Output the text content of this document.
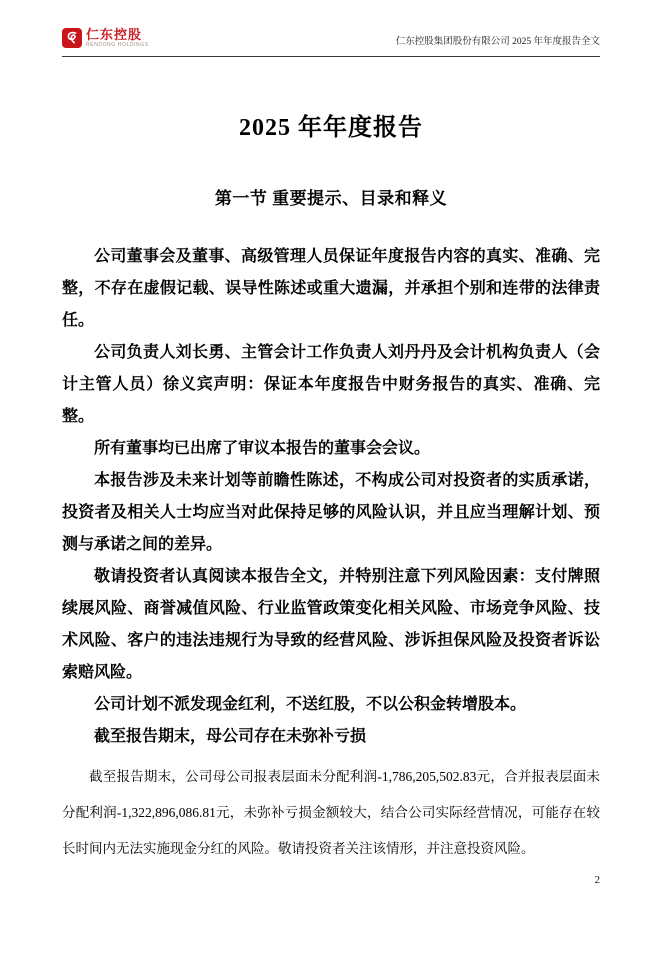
仁东控股
RENDONG HOLDINGS	仁东控股集团股份有限公司 2025 年年度报告全文
2025 年年度报告
第一节 重要提示、目录和释义

公司董事会及董事、高级管理人员保证年度报告内容的真实、准确、完整，不存在虚假记载、误导性陈述或重大遗漏，并承担个别和连带的法律责任。

公司负责人刘长勇、主管会计工作负责人刘丹丹及会计机构负责人（会计主管人员）徐义宾声明：保证本年度报告中财务报告的真实、准确、完整。

所有董事均已出席了审议本报告的董事会会议。

本报告涉及未来计划等前瞻性陈述，不构成公司对投资者的实质承诺，投资者及相关人士均应当对此保持足够的风险认识，并且应当理解计划、预测与承诺之间的差异。

敬请投资者认真阅读本报告全文，并特别注意下列风险因素：支付牌照续展风险、商誉减值风险、行业监管政策变化相关风险、市场竞争风险、技术风险、客户的违法违规行为导致的经营风险、涉诉担保风险及投资者诉讼索赔风险。

公司计划不派发现金红利，不送红股，不以公积金转增股本。

截至报告期末，母公司存在未弥补亏损

截至报告期末，公司母公司报表层面未分配利润-1,786,205,502.83元，合并报表层面未分配利润-1,322,896,086.81元，未弥补亏损金额较大，结合公司实际经营情况，可能存在较长时间内无法实施现金分红的风险。敬请投资者关注该情形，并注意投资风险。

2
